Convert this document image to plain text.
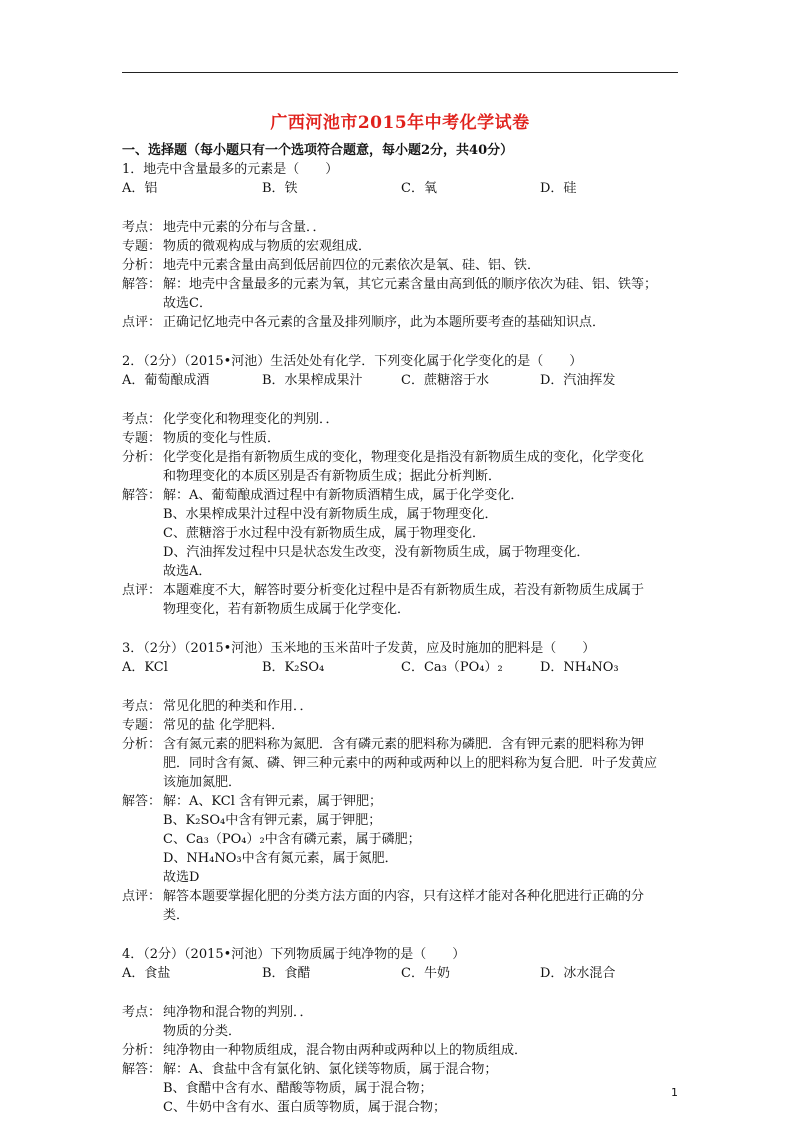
广西河池市2015年中考化学试卷
一、选择题（每小题只有一个选项符合题意，每小题2分，共40分）
1．地壳中含量最多的元素是（　　）
A．铝	B．铁	C．氧	D．硅
考点： 地壳中元素的分布与含量．．
专题： 物质的微观构成与物质的宏观组成．
分析： 地壳中元素含量由高到低居前四位的元素依次是氧、硅、铝、铁．
解答： 解：地壳中含量最多的元素为氧，其它元素含量由高到低的顺序依次为硅、铝、铁等；
故选C．
点评： 正确记忆地壳中各元素的含量及排列顺序，此为本题所要考查的基础知识点．
2．（2分）（2015•河池）生活处处有化学．下列变化属于化学变化的是（　　）
A．葡萄酿成酒	B．水果榨成果汁	C．蔗糖溶于水	D．汽油挥发
考点： 化学变化和物理变化的判别．．
专题： 物质的变化与性质．
分析： 化学变化是指有新物质生成的变化，物理变化是指没有新物质生成的变化，化学变化
和物理变化的本质区别是否有新物质生成；据此分析判断．
解答： 解：A、葡萄酿成酒过程中有新物质酒精生成，属于化学变化．
B、水果榨成果汁过程中没有新物质生成，属于物理变化．
C、蔗糖溶于水过程中没有新物质生成，属于物理变化．
D、汽油挥发过程中只是状态发生改变，没有新物质生成，属于物理变化．
故选A．
点评： 本题难度不大，解答时要分析变化过程中是否有新物质生成，若没有新物质生成属于
物理变化，若有新物质生成属于化学变化．
3．（2分）（2015•河池）玉米地的玉米苗叶子发黄，应及时施加的肥料是（　　）
A．KCl	B．K₂SO₄	C．Ca₃（PO₄）₂	D．NH₄NO₃
考点： 常见化肥的种类和作用．．
专题： 常见的盐 化学肥料．
分析： 含有氮元素的肥料称为氮肥．含有磷元素的肥料称为磷肥．含有钾元素的肥料称为钾
肥．同时含有氮、磷、钾三种元素中的两种或两种以上的肥料称为复合肥．叶子发黄应
该施加氮肥．
解答： 解：A、KCl 含有钾元素，属于钾肥；
B、K₂SO₄中含有钾元素，属于钾肥；
C、Ca₃（PO₄）₂中含有磷元素，属于磷肥；
D、NH₄NO₃中含有氮元素，属于氮肥．
故选D
点评： 解答本题要掌握化肥的分类方法方面的内容，只有这样才能对各种化肥进行正确的分
类．
4．（2分）（2015•河池）下列物质属于纯净物的是（　　）
A．食盐	B．食醋	C．牛奶	D．冰水混合
考点： 纯净物和混合物的判别．．
物质的分类．
分析： 纯净物由一种物质组成，混合物由两种或两种以上的物质组成．
解答： 解：A、食盐中含有氯化钠、氯化镁等物质，属于混合物；
B、食醋中含有水、醋酸等物质，属于混合物；
C、牛奶中含有水、蛋白质等物质，属于混合物；
1
